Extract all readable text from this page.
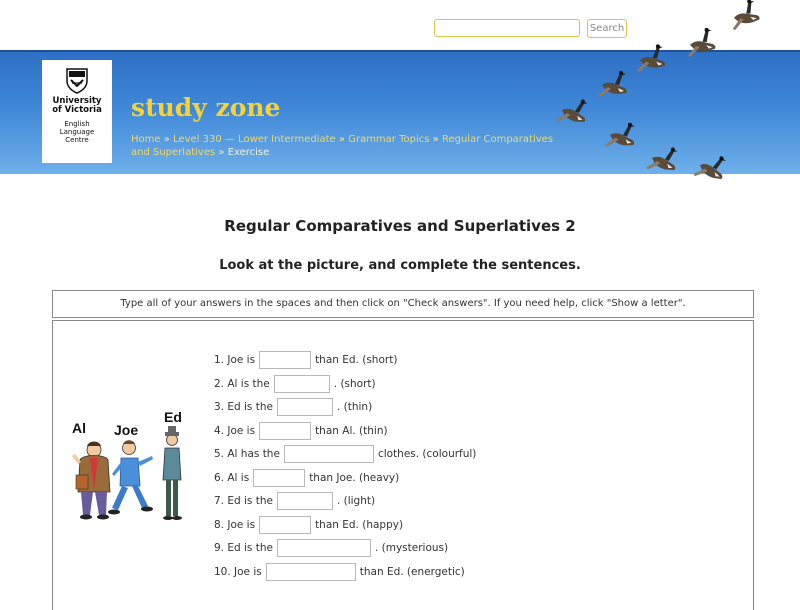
Search
University
of Victoria
English
Language
Centre
study zone
Home » Level 330 — Lower Intermediate » Grammar Topics » Regular Comparatives and Superlatives » Exercise
Regular Comparatives and Superlatives 2
Look at the picture, and complete the sentences.
Type all of your answers in the spaces and then click on "Check answers". If you need help, click "Show a letter".
Al Joe
Ed
1. Joe is	than Ed. (short)
2. Al is the	. (short)
3. Ed is the	. (thin)
4. Joe is	than Al. (thin)
5. Al has the	clothes. (colourful)
6. Al is	than Joe. (heavy)
7. Ed is the	. (light)
8. Joe is	than Ed. (happy)
9. Ed is the	. (mysterious)
10. Joe is	than Ed. (energetic)
